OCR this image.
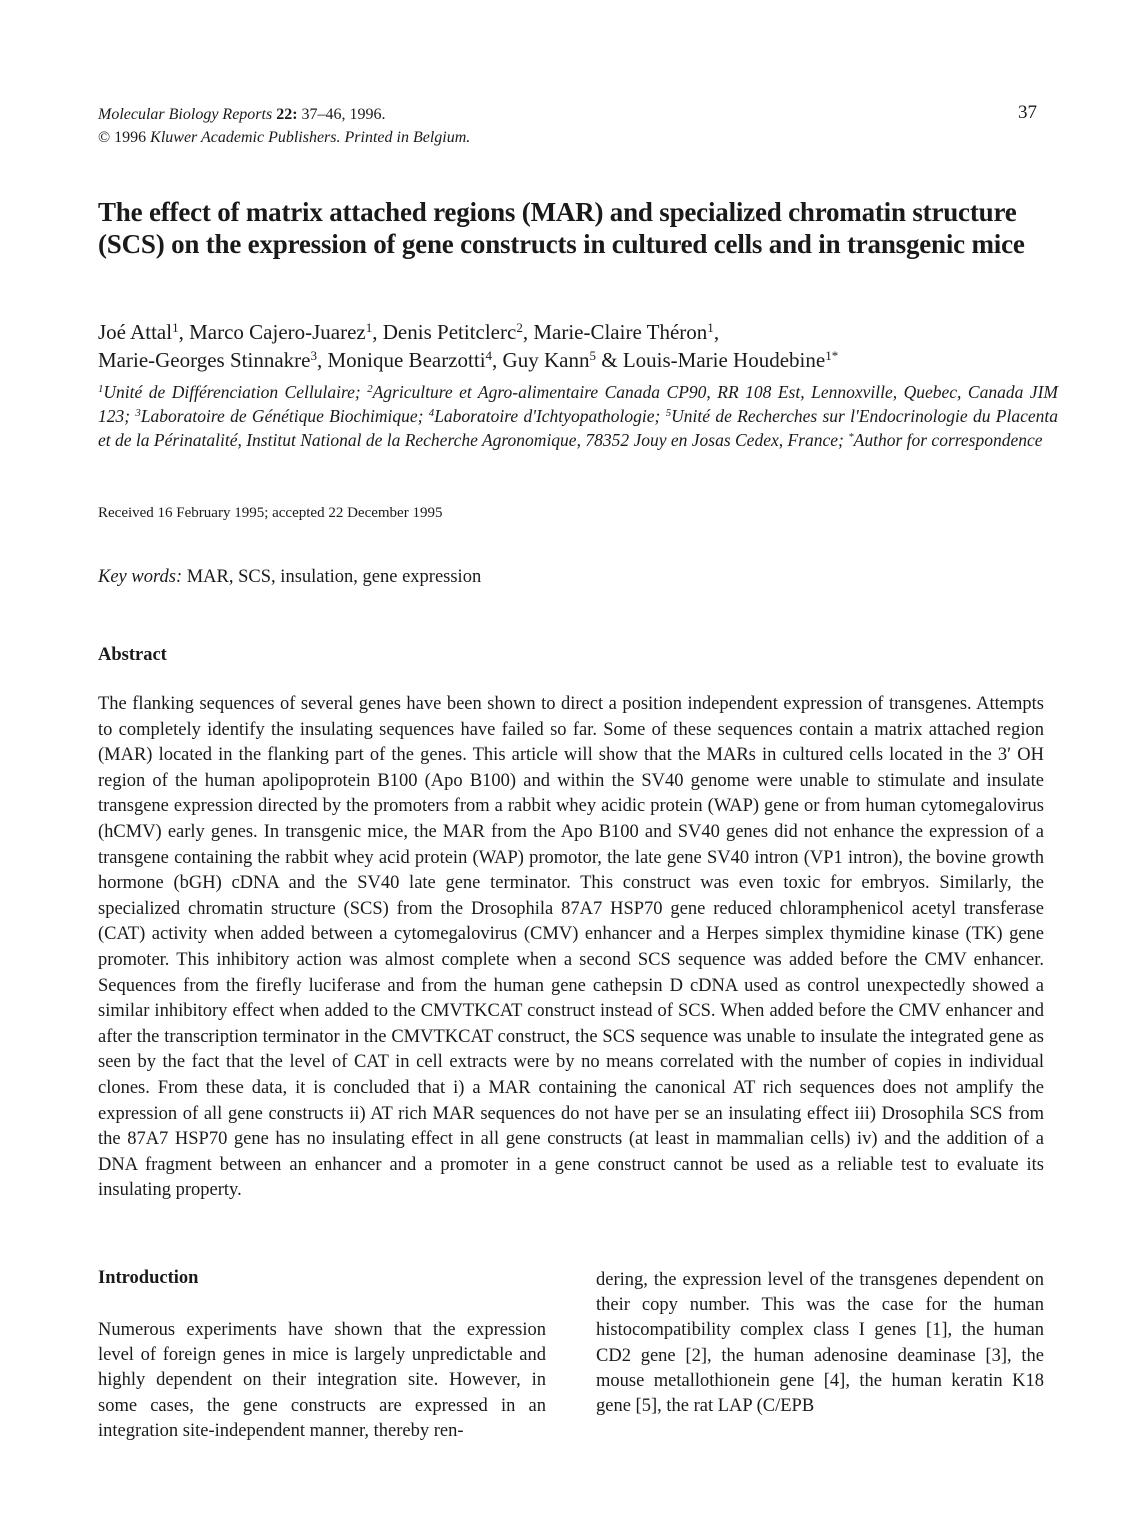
Molecular Biology Reports 22: 37–46, 1996.
© 1996 Kluwer Academic Publishers. Printed in Belgium.
37
The effect of matrix attached regions (MAR) and specialized chromatin structure (SCS) on the expression of gene constructs in cultured cells and in transgenic mice
Joé Attal$^1$, Marco Cajero-Juarez$^1$, Denis Petitclerc$^2$, Marie-Claire Théron$^1$,
Marie-Georges Stinnakre$^3$, Monique Bearzotti$^4$, Guy Kann$^5$ & Louis-Marie Houdebine$^{1*}$
$^1$Unité de Différenciation Cellulaire; $^2$Agriculture et Agro-alimentaire Canada CP90, RR 108 Est, Lennoxville, Quebec, Canada JIM 123; $^3$Laboratoire de Génétique Biochimique; $^4$Laboratoire d'Ichtyopathologie; $^5$Unité de Recherches sur l'Endocrinologie du Placenta et de la Périnatalité, Institut National de la Recherche Agronomique, 78352 Jouy en Josas Cedex, France; *Author for correspondence
Received 16 February 1995; accepted 22 December 1995
Key words: MAR, SCS, insulation, gene expression
Abstract

The flanking sequences of several genes have been shown to direct a position independent expression of transgenes. Attempts to completely identify the insulating sequences have failed so far. Some of these sequences contain a matrix attached region (MAR) located in the flanking part of the genes. This article will show that the MARs in cultured cells located in the 3′ OH region of the human apolipoprotein B100 (Apo B100) and within the SV40 genome were unable to stimulate and insulate transgene expression directed by the promoters from a rabbit whey acidic protein (WAP) gene or from human cytomegalovirus (hCMV) early genes. In transgenic mice, the MAR from the Apo B100 and SV40 genes did not enhance the expression of a transgene containing the rabbit whey acid protein (WAP) promotor, the late gene SV40 intron (VP1 intron), the bovine growth hormone (bGH) cDNA and the SV40 late gene terminator. This construct was even toxic for embryos. Similarly, the specialized chromatin structure (SCS) from the Drosophila 87A7 HSP70 gene reduced chloramphenicol acetyl transferase (CAT) activity when added between a cytomegalovirus (CMV) enhancer and a Herpes simplex thymidine kinase (TK) gene promoter. This inhibitory action was almost complete when a second SCS sequence was added before the CMV enhancer. Sequences from the firefly luciferase and from the human gene cathepsin D cDNA used as control unexpectedly showed a similar inhibitory effect when added to the CMVTKCAT construct instead of SCS. When added before the CMV enhancer and after the transcription terminator in the CMVTKCAT construct, the SCS sequence was unable to insulate the integrated gene as seen by the fact that the level of CAT in cell extracts were by no means correlated with the number of copies in individual clones. From these data, it is concluded that i) a MAR containing the canonical AT rich sequences does not amplify the expression of all gene constructs ii) AT rich MAR sequences do not have per se an insulating effect iii) Drosophila SCS from the 87A7 HSP70 gene has no insulating effect in all gene constructs (at least in mammalian cells) iv) and the addition of a DNA fragment between an enhancer and a promoter in a gene construct cannot be used as a reliable test to evaluate its insulating property.

Introduction

Numerous experiments have shown that the expression level of foreign genes in mice is largely unpredictable and highly dependent on their integration site. However, in some cases, the gene constructs are expressed in an integration site-independent manner, thereby ren-

dering, the expression level of the transgenes dependent on their copy number. This was the case for the human histocompatibility complex class I genes [1], the human CD2 gene [2], the human adenosine deaminase [3], the mouse metallothionein gene [4], the human keratin K18 gene [5], the rat LAP (C/EPB
